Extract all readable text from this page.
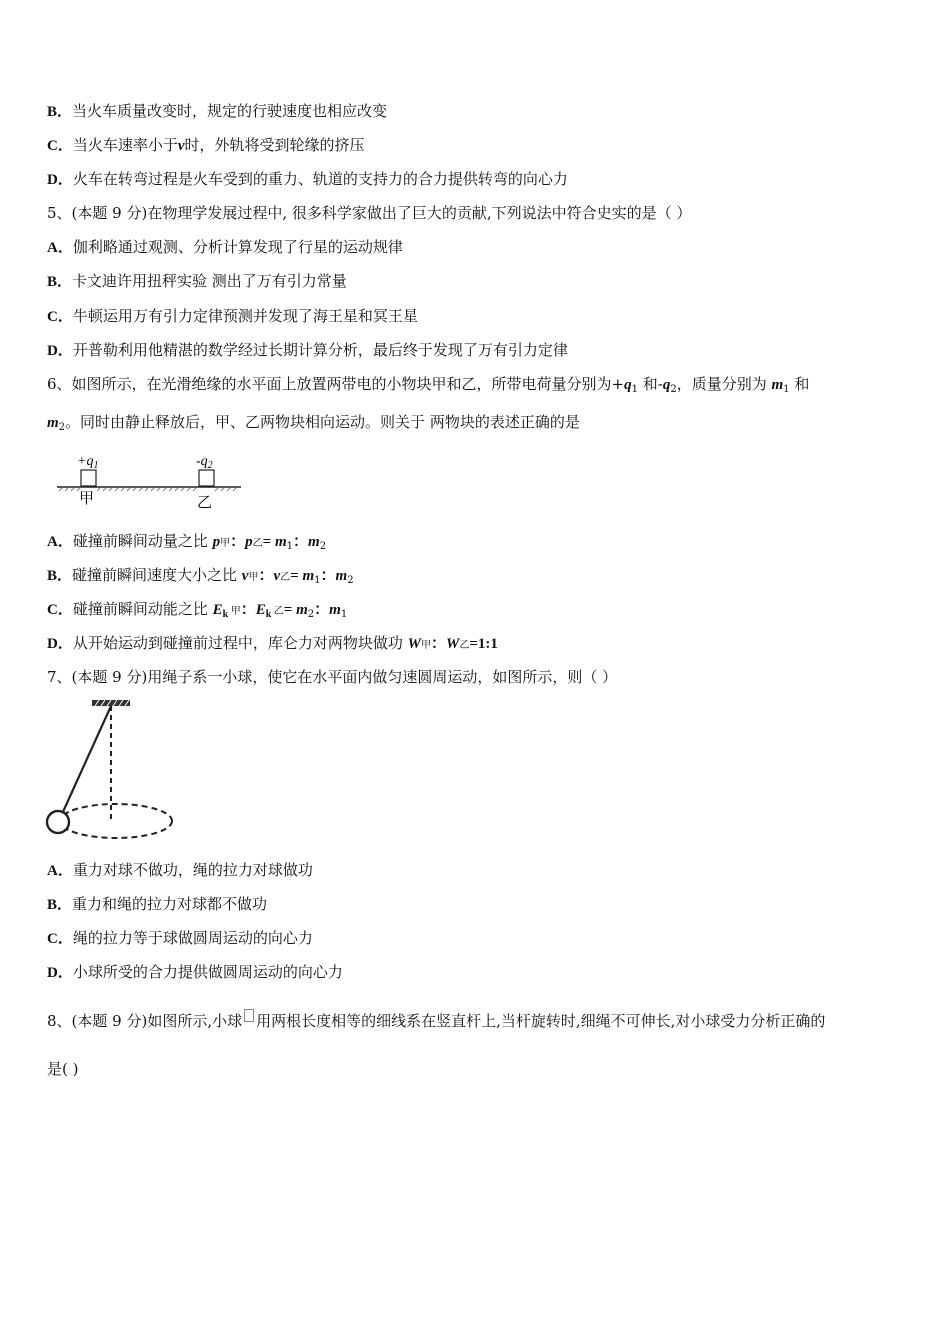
B．当火车质量改变时，规定的行驶速度也相应改变
C．当火车速率小于v时，外轨将受到轮缘的挤压
D．火车在转弯过程是火车受到的重力、轨道的支持力的合力提供转弯的向心力
5、(本题 9 分)在物理学发展过程中, 很多科学家做出了巨大的贡献,下列说法中符合史实的是（ ）
A．伽利略通过观测、分析计算发现了行星的运动规律
B．卡文迪许用扭秤实验 测出了万有引力常量
C．牛顿运用万有引力定律预测并发现了海王星和冥王星
D．开普勒利用他精湛的数学经过长期计算分析，最后终于发现了万有引力定律
6、如图所示，在光滑绝缘的水平面上放置两带电的小物块甲和乙，所带电荷量分别为$+q_1$ 和$-q_2$，质量分别为 $m_1$ 和
$m_2$。同时由静止释放后，甲、乙两物块相向运动。则关于 两物块的表述正确的是
$+q_1$	$-q_2$
甲	乙
A．碰撞前瞬间动量之比 p甲：p乙= $m_1$：$m_2$
B．碰撞前瞬间速度大小之比 v甲：v乙= $m_1$：$m_2$
C．碰撞前瞬间动能之比 $E_k$ 甲：$E_k$ 乙= $m_2$：$m_1$
D．从开始运动到碰撞前过程中，库仑力对两物块做功 W甲：W乙=1:1
7、(本题 9 分)用绳子系一小球，使它在水平面内做匀速圆周运动，如图所示，则（ ）
A．重力对球不做功，绳的拉力对球做功
B．重力和绳的拉力对球都不做功
C．绳的拉力等于球做圆周运动的向心力
D．小球所受的合力提供做圆周运动的向心力
8、(本题 9 分)如图所示,小球 用两根长度相等的细线系在竖直杆上,当杆旋转时,细绳不可伸长,对小球受力分析正确的
是( )
